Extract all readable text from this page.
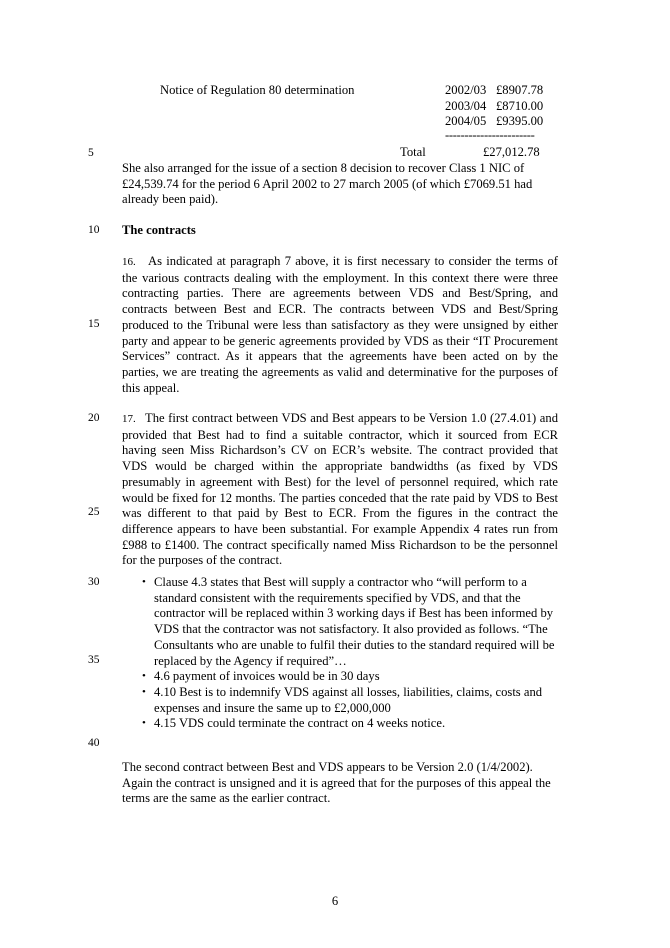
Notice of Regulation 80 determination	2002/03 £8907.78
2003/04 £8710.00
2004/05 £9395.00
-----------------------
Total	£27,012.78
5
10
15
20
25
30
35
40
She also arranged for the issue of a section 8 decision to recover Class 1 NIC of £24,539.74 for the period 6 April 2002 to 27 march 2005 (of which £7069.51 had already been paid).
The contracts

16. As indicated at paragraph 7 above, it is first necessary to consider the terms of the various contracts dealing with the employment. In this context there were three contracting parties. There are agreements between VDS and Best/Spring, and contracts between Best and ECR. The contracts between VDS and Best/Spring produced to the Tribunal were less than satisfactory as they were unsigned by either party and appear to be generic agreements provided by VDS as their “IT Procurement Services” contract. As it appears that the agreements have been acted on by the parties, we are treating the agreements as valid and determinative for the purposes of this appeal.

17. The first contract between VDS and Best appears to be Version 1.0 (27.4.01) and provided that Best had to find a suitable contractor, which it sourced from ECR having seen Miss Richardson’s CV on ECR’s website. The contract provided that VDS would be charged within the appropriate bandwidths (as fixed by VDS presumably in agreement with Best) for the level of personnel required, which rate would be fixed for 12 months. The parties conceded that the rate paid by VDS to Best was different to that paid by Best to ECR. From the figures in the contract the difference appears to have been substantial. For example Appendix 4 rates run from £988 to £1400. The contract specifically named Miss Richardson to be the personnel for the purposes of the contract.

• Clause 4.3 states that Best will supply a contractor who “will perform to a standard consistent with the requirements specified by VDS, and that the contractor will be replaced within 3 working days if Best has been informed by VDS that the contractor was not satisfactory. It also provided as follows. “The Consultants who are unable to fulfil their duties to the standard required will be replaced by the Agency if required”…
• 4.6 payment of invoices would be in 30 days
• 4.10 Best is to indemnify VDS against all losses, liabilities, claims, costs and expenses and insure the same up to £2,000,000
• 4.15 VDS could terminate the contract on 4 weeks notice.
The second contract between Best and VDS appears to be Version 2.0 (1/4/2002). Again the contract is unsigned and it is agreed that for the purposes of this appeal the terms are the same as the earlier contract.
6
